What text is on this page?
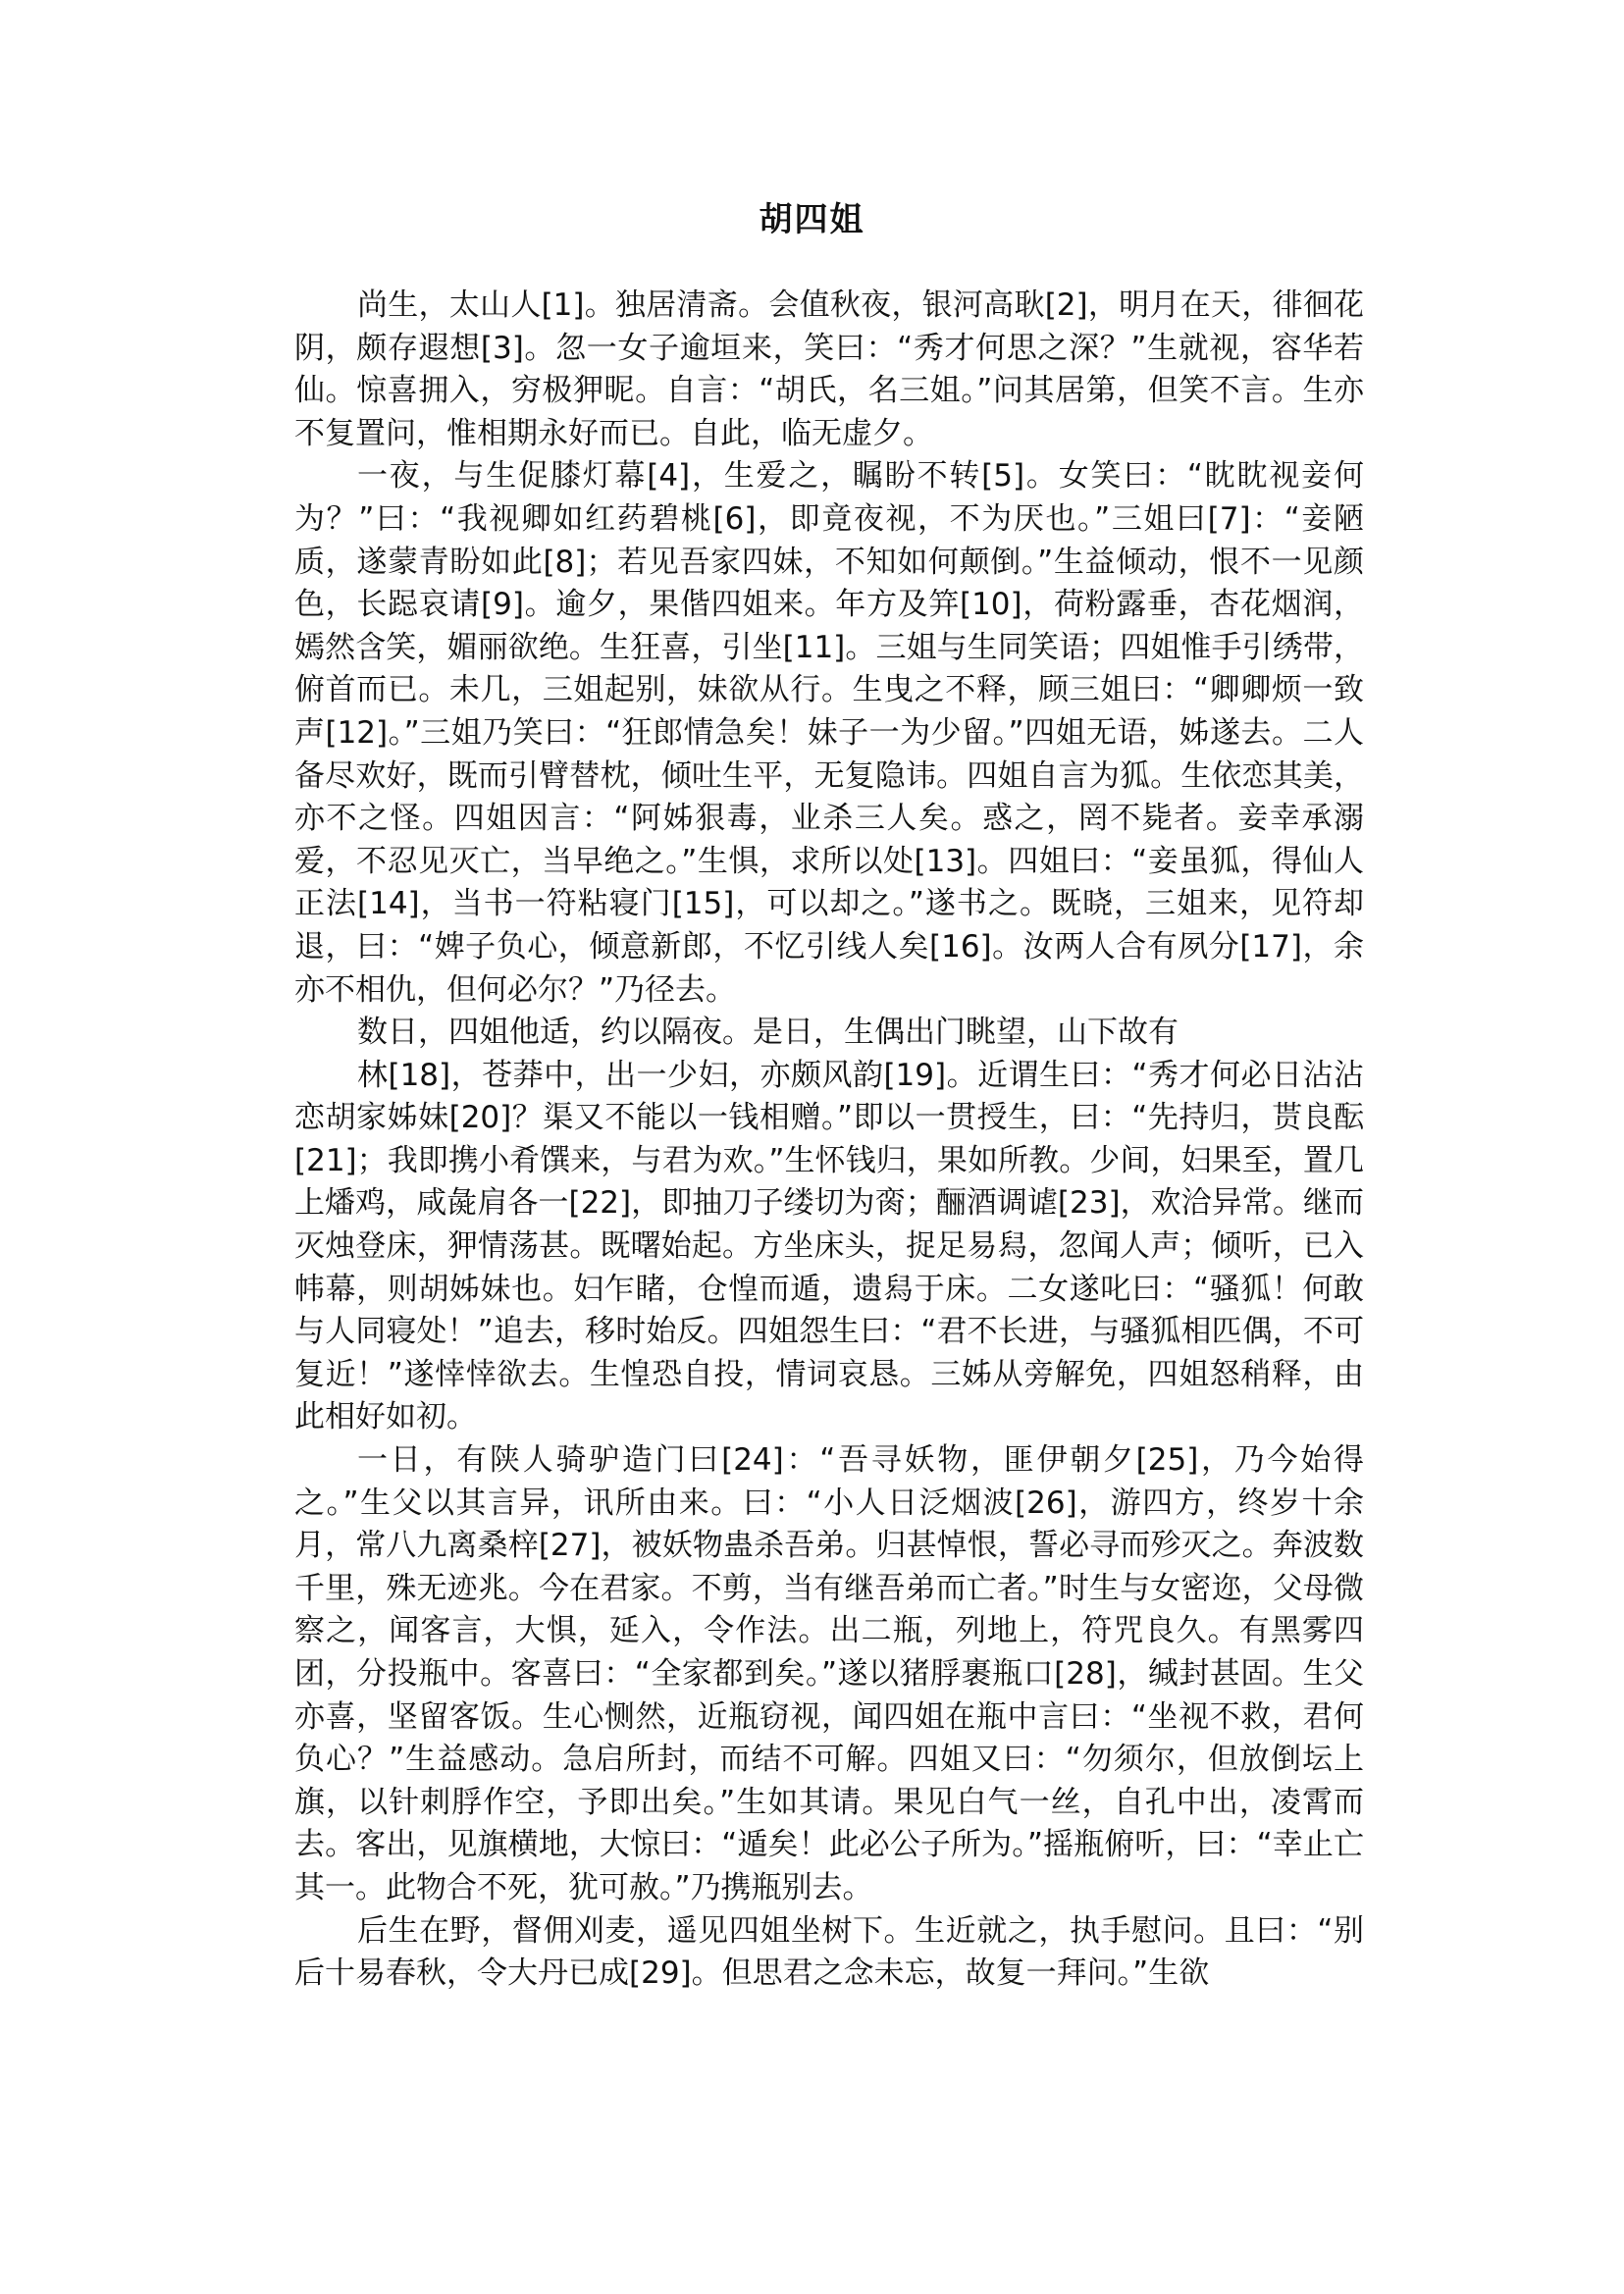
胡四姐

尚生，太山人[1]。独居清斋。会值秋夜，银河高耿[2]，明月在天，徘徊花阴，颇存遐想[3]。忽一女子逾垣来，笑曰：“秀才何思之深？”生就视，容华若仙。惊喜拥入，穷极狎昵。自言：“胡氏，名三姐。”问其居第，但笑不言。生亦不复置问，惟相期永好而已。自此，临无虚夕。

一夜，与生促膝灯幕[4]，生爱之，瞩盼不转[5]。女笑曰：“眈眈视妾何为？”曰：“我视卿如红药碧桃[6]，即竟夜视，不为厌也。”三姐曰[7]：“妾陋质，遂蒙青盼如此[8]；若见吾家四妹，不知如何颠倒。”生益倾动，恨不一见颜色，长跽哀请[9]。逾夕，果偕四姐来。年方及笄[10]，荷粉露垂，杏花烟润，嫣然含笑，媚丽欲绝。生狂喜，引坐[11]。三姐与生同笑语；四姐惟手引绣带，俯首而已。未几，三姐起别，妹欲从行。生曳之不释，顾三姐曰：“卿卿烦一致声[12]。”三姐乃笑曰：“狂郎情急矣！妹子一为少留。”四姐无语，姊遂去。二人备尽欢好，既而引臂替枕，倾吐生平，无复隐讳。四姐自言为狐。生依恋其美，亦不之怪。四姐因言：“阿姊狠毒，业杀三人矣。惑之，罔不毙者。妾幸承溺爱，不忍见灭亡，当早绝之。”生惧，求所以处[13]。四姐曰：“妾虽狐，得仙人正法[14]，当书一符粘寝门[15]，可以却之。”遂书之。既晓，三姐来，见符却退，曰：“婢子负心，倾意新郎，不忆引线人矣[16]。汝两人合有夙分[17]，余亦不相仇，但何必尔？”乃径去。

数日，四姐他适，约以隔夜。是日，生偶出门眺望，山下故有

林[18]，苍莽中，出一少妇，亦颇风韵[19]。近谓生曰：“秀才何必日沾沾恋胡家姊妹[20]？渠又不能以一钱相赠。”即以一贯授生，曰：“先持归，贳良酝[21]；我即携小肴馔来，与君为欢。”生怀钱归，果如所教。少间，妇果至，置几上燔鸡，咸彘肩各一[22]，即抽刀子缕切为脔；酾酒调谑[23]，欢洽异常。继而灭烛登床，狎情荡甚。既曙始起。方坐床头，捉足易舄，忽闻人声；倾听，已入帏幕，则胡姊妹也。妇乍睹，仓惶而遁，遗舄于床。二女遂叱曰：“骚狐！何敢与人同寝处！”追去，移时始反。四姐怨生曰：“君不长进，与骚狐相匹偶，不可复近！”遂悻悻欲去。生惶恐自投，情词哀恳。三姊从旁解免，四姐怒稍释，由此相好如初。

一日，有陕人骑驴造门曰[24]：“吾寻妖物，匪伊朝夕[25]，乃今始得之。”生父以其言异，讯所由来。曰：“小人日泛烟波[26]，游四方，终岁十余月，常八九离桑梓[27]，被妖物蛊杀吾弟。归甚悼恨，誓必寻而殄灭之。奔波数千里，殊无迹兆。今在君家。不剪，当有继吾弟而亡者。”时生与女密迩，父母微察之，闻客言，大惧，延入，令作法。出二瓶，列地上，符咒良久。有黑雾四团，分投瓶中。客喜曰：“全家都到矣。”遂以猪脬裹瓶口[28]，缄封甚固。生父亦喜，坚留客饭。生心恻然，近瓶窃视，闻四姐在瓶中言曰：“坐视不救，君何负心？”生益感动。急启所封，而结不可解。四姐又曰：“勿须尔，但放倒坛上旗，以针刺脬作空，予即出矣。”生如其请。果见白气一丝，自孔中出，凌霄而去。客出，见旗横地，大惊曰：“遁矣！此必公子所为。”摇瓶俯听，曰：“幸止亡其一。此物合不死，犹可赦。”乃携瓶别去。

后生在野，督佣刈麦，遥见四姐坐树下。生近就之，执手慰问。且曰：“别后十易春秋，令大丹已成[29]。但思君之念未忘，故复一拜问。”生欲
